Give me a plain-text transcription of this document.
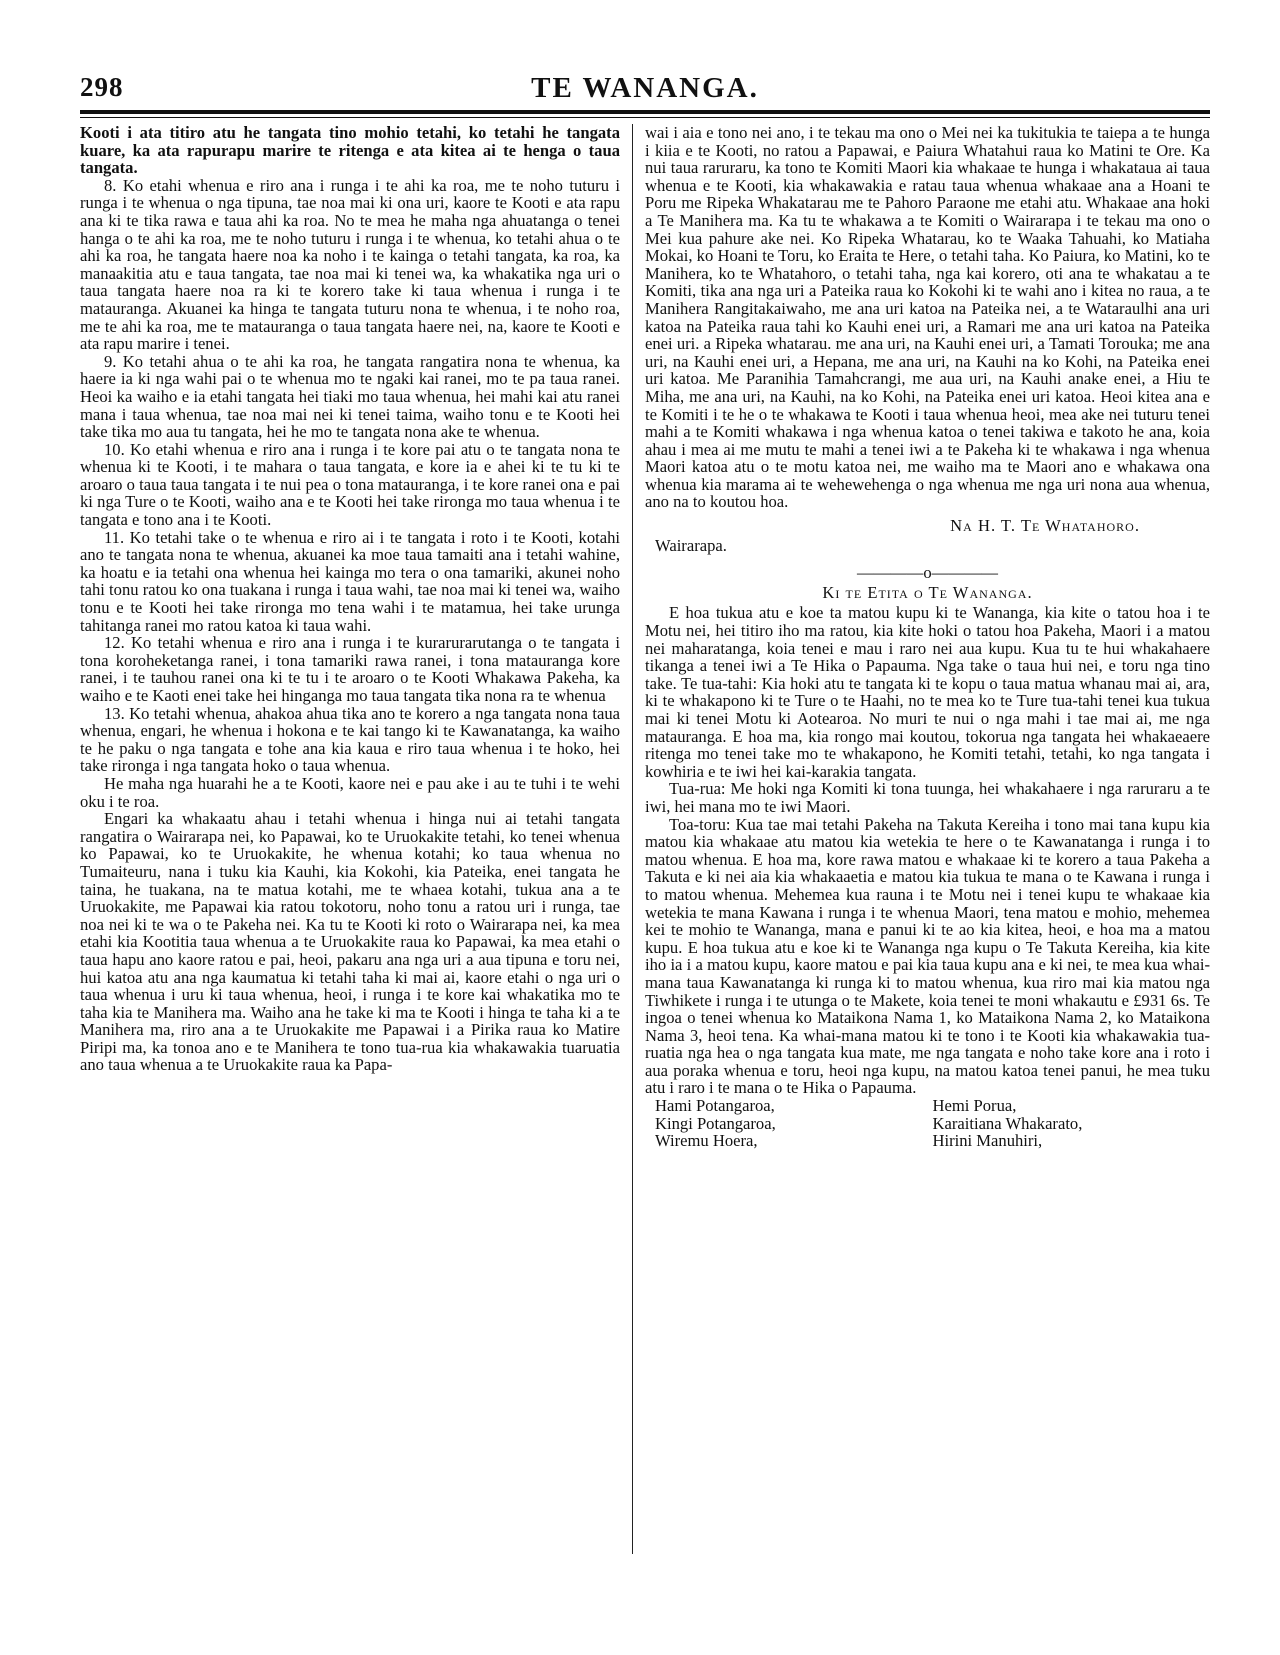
298	TE WANANGA.

Kooti i ata titiro atu he tangata tino mohio tetahi, ko tetahi he tangata kuare, ka ata rapurapu marire te ritenga e ata kitea ai te henga o taua tangata.

8. Ko etahi whenua e riro ana i runga i te ahi ka roa, me te noho tuturu i runga i te whenua o nga tipuna, tae noa mai ki ona uri, kaore te Kooti e ata rapu ana ki te tika rawa e taua ahi ka roa. No te mea he maha nga ahuatanga o tenei hanga o te ahi ka roa, me te noho tuturu i runga i te whenua, ko tetahi ahua o te ahi ka roa, he tangata haere noa ka noho i te kainga o tetahi tangata, ka roa, ka manaakitia atu e taua tangata, tae noa mai ki tenei wa, ka whakatika nga uri o taua tangata haere noa ra ki te korero take ki taua whenua i runga i te matauranga. Akuanei ka hinga te tangata tuturu nona te whenua, i te noho roa, me te ahi ka roa, me te matauranga o taua tangata haere nei, na, kaore te Kooti e ata rapu marire i tenei.

9. Ko tetahi ahua o te ahi ka roa, he tangata rangatira nona te whenua, ka haere ia ki nga wahi pai o te whenua mo te ngaki kai ranei, mo te pa taua ranei. Heoi ka waiho e ia etahi tangata hei tiaki mo taua whenua, hei mahi kai atu ranei mana i taua whenua, tae noa mai nei ki tenei taima, waiho tonu e te Kooti hei take tika mo aua tu tangata, hei he mo te tangata nona ake te whenua.

10. Ko etahi whenua e riro ana i runga i te kore pai atu o te tangata nona te whenua ki te Kooti, i te mahara o taua tangata, e kore ia e ahei ki te tu ki te aroaro o taua taua tangata i te nui pea o tona matauranga, i te kore ranei ona e pai ki nga Ture o te Kooti, waiho ana e te Kooti hei take rironga mo taua whenua i te tangata e tono ana i te Kooti.

11. Ko tetahi take o te whenua e riro ai i te tangata i roto i te Kooti, kotahi ano te tangata nona te whenua, akuanei ka moe taua tamaiti ana i tetahi wahine, ka hoatu e ia tetahi ona whenua hei kainga mo tera o ona tamariki, akunei noho tahi tonu ratou ko ona tuakana i runga i taua wahi, tae noa mai ki tenei wa, waiho tonu e te Kooti hei take rironga mo tena wahi i te matamua, hei take urunga tahitanga ranei mo ratou katoa ki taua wahi.

12. Ko tetahi whenua e riro ana i runga i te kurarurarutanga o te tangata i tona koroheketanga ranei, i tona tamariki rawa ranei, i tona matauranga kore ranei, i te tauhou ranei ona ki te tu i te aroaro o te Kooti Whakawa Pakeha, ka waiho e te Kaoti enei take hei hinganga mo taua tangata tika nona ra te whenua

13. Ko tetahi whenua, ahakoa ahua tika ano te korero a nga tangata nona taua whenua, engari, he whenua i hokona e te kai tango ki te Kawanatanga, ka waiho te he paku o nga tangata e tohe ana kia kaua e riro taua whenua i te hoko, hei take rironga i nga tangata hoko o taua whenua.

He maha nga huarahi he a te Kooti, kaore nei e pau ake i au te tuhi i te wehi oku i te roa.

Engari ka whakaatu ahau i tetahi whenua i hinga nui ai tetahi tangata rangatira o Wairarapa nei, ko Papawai, ko te Uruokakite tetahi, ko tenei whenua ko Papawai, ko te Uruokakite, he whenua kotahi; ko taua whenua no Tumaiteuru, nana i tuku kia Kauhi, kia Kokohi, kia Pateika, enei tangata he taina, he tuakana, na te matua kotahi, me te whaea kotahi, tukua ana a te Uruokakite, me Papawai kia ratou tokotoru, noho tonu a ratou uri i runga, tae noa nei ki te wa o te Pakeha nei. Ka tu te Kooti ki roto o Wairarapa nei, ka mea etahi kia Kootitia taua whenua a te Uruokakite raua ko Papawai, ka mea etahi o taua hapu ano kaore ratou e pai, heoi, pakaru ana nga uri a aua tipuna e toru nei, hui katoa atu ana nga kaumatua ki tetahi taha ki mai ai, kaore etahi o nga uri o taua whenua i uru ki taua whenua, heoi, i runga i te kore kai whakatika mo te taha kia te Manihera ma. Waiho ana he take ki ma te Kooti i hinga te taha ki a te Manihera ma, riro ana a te Uruokakite me Papawai i a Pirika raua ko Matire Piripi ma, ka tonoa ano e te Manihera te tono tua-rua kia whakawakia tuaruatia ano taua whenua a te Uruokakite raua ka Papa-

wai i aia e tono nei ano, i te tekau ma ono o Mei nei ka tukitukia te taiepa a te hunga i kiia e te Kooti, no ratou a Papawai, e Paiura Whatahui raua ko Matini te Ore. Ka nui taua raruraru, ka tono te Komiti Maori kia whakaae te hunga i whakataua ai taua whenua e te Kooti, kia whakawakia e ratau taua whenua whakaae ana a Hoani te Poru me Ripeka Whakatarau me te Pahoro Paraone me etahi atu. Whakaae ana hoki a Te Manihera ma. Ka tu te whakawa a te Komiti o Wairarapa i te tekau ma ono o Mei kua pahure ake nei. Ko Ripeka Whatarau, ko te Waaka Tahuahi, ko Matiaha Mokai, ko Hoani te Toru, ko Eraita te Here, o tetahi taha. Ko Paiura, ko Matini, ko te Manihera, ko te Whatahoro, o tetahi taha, nga kai korero, oti ana te whakatau a te Komiti, tika ana nga uri a Pateika raua ko Kokohi ki te wahi ano i kitea no raua, a te Manihera Rangitakaiwaho, me ana uri katoa na Pateika nei, a te Wataraulhi ana uri katoa na Pateika raua tahi ko Kauhi enei uri, a Ramari me ana uri katoa na Pateika enei uri. a Ripeka whatarau. me ana uri, na Kauhi enei uri, a Tamati Torouka; me ana uri, na Kauhi enei uri, a Hepana, me ana uri, na Kauhi na ko Kohi, na Pateika enei uri katoa. Me Paranihia Tamahcrangi, me aua uri, na Kauhi anake enei, a Hiu te Miha, me ana uri, na Kauhi, na ko Kohi, na Pateika enei uri katoa. Heoi kitea ana e te Komiti i te he o te whakawa te Kooti i taua whenua heoi, mea ake nei tuturu tenei mahi a te Komiti whakawa i nga whenua katoa o tenei takiwa e takoto he ana, koia ahau i mea ai me mutu te mahi a tenei iwi a te Pakeha ki te whakawa i nga whenua Maori katoa atu o te motu katoa nei, me waiho ma te Maori ano e whakawa ona whenua kia marama ai te wehewehenga o nga whenua me nga uri nona aua whenua, ano na to koutou hoa.

Na H. T. Te Whatahoro.

Wairarapa.

————o————

Ki te Etita o Te Wananga.

E hoa tukua atu e koe ta matou kupu ki te Wananga, kia kite o tatou hoa i te Motu nei, hei titiro iho ma ratou, kia kite hoki o tatou hoa Pakeha, Maori i a matou nei maharatanga, koia tenei e mau i raro nei aua kupu. Kua tu te hui whakahaere tikanga a tenei iwi a Te Hika o Papauma. Nga take o taua hui nei, e toru nga tino take. Te tua-tahi: Kia hoki atu te tangata ki te kopu o taua matua whanau mai ai, ara, ki te whakapono ki te Ture o te Haahi, no te mea ko te Ture tua-tahi tenei kua tukua mai ki tenei Motu ki Aotearoa. No muri te nui o nga mahi i tae mai ai, me nga matauranga. E hoa ma, kia rongo mai koutou, tokorua nga tangata hei whakaeaere ritenga mo tenei take mo te whakapono, he Komiti tetahi, tetahi, ko nga tangata i kowhiria e te iwi hei kai-karakia tangata.

Tua-rua: Me hoki nga Komiti ki tona tuunga, hei whakahaere i nga raruraru a te iwi, hei mana mo te iwi Maori.

Toa-toru: Kua tae mai tetahi Pakeha na Takuta Kereiha i tono mai tana kupu kia matou kia whakaae atu matou kia wetekia te here o te Kawanatanga i runga i to matou whenua. E hoa ma, kore rawa matou e whakaae ki te korero a taua Pakeha a Takuta e ki nei aia kia whakaaetia e matou kia tukua te mana o te Kawana i runga i to matou whenua. Mehemea kua rauna i te Motu nei i tenei kupu te whakaae kia wetekia te mana Kawana i runga i te whenua Maori, tena matou e mohio, mehemea kei te mohio te Wananga, mana e panui ki te ao kia kitea, heoi, e hoa ma a matou kupu. E hoa tukua atu e koe ki te Wananga nga kupu o Te Takuta Kereiha, kia kite iho ia i a matou kupu, kaore matou e pai kia taua kupu ana e ki nei, te mea kua whai-mana taua Kawanatanga ki runga ki to matou whenua, kua riro mai kia matou nga Tiwhikete i runga i te utunga o te Makete, koia tenei te moni whakautu e £931 6s. Te ingoa o tenei whenua ko Mataikona Nama 1, ko Mataikona Nama 2, ko Mataikona Nama 3, heoi tena. Ka whai-mana matou ki te tono i te Kooti kia whakawakia tua-ruatia nga hea o nga tangata kua mate, me nga tangata e noho take kore ana i roto i aua poraka whenua e toru, heoi nga kupu, na matou katoa tenei panui, he mea tuku atu i raro i te mana o te Hika o Papauma.

Hami Potangaroa,	Hemi Porua,
Kingi Potangaroa,	Karaitiana Whakarato,
Wiremu Hoera,	Hirini Manuhiri,
